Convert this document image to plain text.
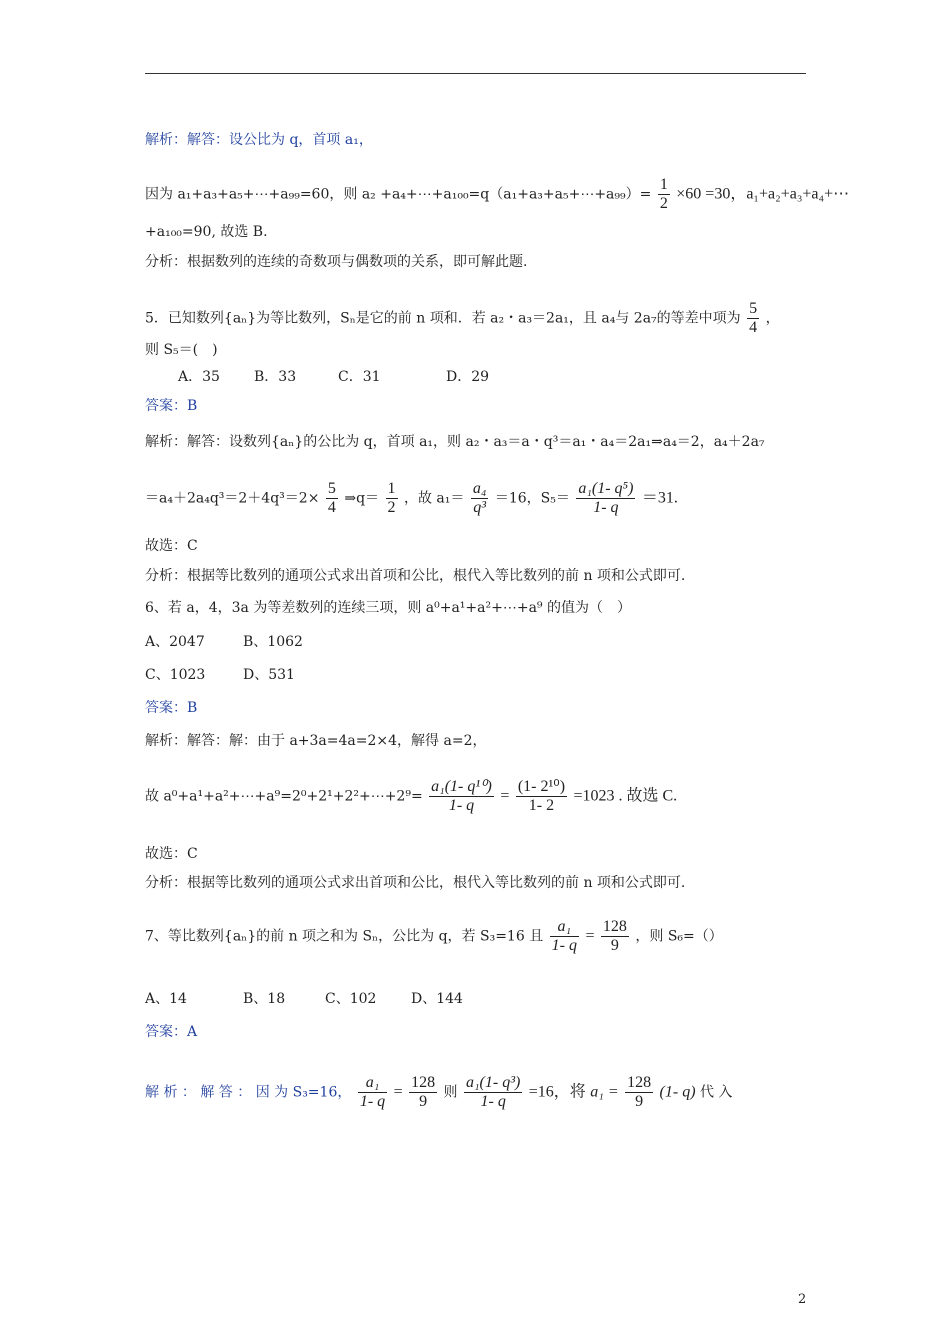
解析：解答：设公比为 q，首项 a₁，
因为 a₁+a₃+a₅+⋯+a₉₉=60，则 a₂ +a₄+⋯+a₁₀₀=q（a₁+a₃+a₅+⋯+a₉₉）= $\frac{1}{2} \times 60 =30$，a₁+a₂+a₃+a₄+⋯
+a₁₀₀=90, 故选 B.
分析：根据数列的连续的奇数项与偶数项的关系，即可解此题.
5．已知数列{aₙ}为等比数列，Sₙ是它的前 n 项和．若 a₂・a₃＝2a₁，且 a₄与 2a₇的等差中项为 $\frac{5}{4}$ ，
则 S₅＝(　)
A．35 B．33	C．31	D．29
答案：B
解析：解答：设数列{aₙ}的公比为 q，首项 a₁，则 a₂・a₃＝a・q³＝a₁・a₄＝2a₁⇒a₄＝2，a₄＋2a₇
$=a_4+2a_4q^3=2+4q^3=2\times \frac{5}{4}$ ⇒q＝ $\frac{1}{2}$ ，故 $a_1= \frac{\text{a₄}}{\text{q³}} =16$，$S_5= \frac{\text{a₁(1- q⁵)}}{1- q} =31$.
故选：C
分析：根据等比数列的通项公式求出首项和公比，根代入等比数列的前 n 项和公式即可.
6、若 a，4，3a 为等差数列的连续三项，则 a⁰+a¹+a²+⋯+a⁹ 的值为（　）
A、2047	B、1062
C、1023	D、531
答案：B
解析：解答：解：由于 a+3a=4a=2×4，解得 a=2，
故 a⁰+a¹+a²+⋯+a⁹=2⁰+2¹+2²+⋯+2⁹= $\frac{\text{a₁(1- q¹⁰)}}{1- q} = \frac{\text{(1- 2¹⁰)}}{1- 2} =1023$ . 故选 C.
故选：C
分析：根据等比数列的通项公式求出首项和公比，根代入等比数列的前 n 项和公式即可.
7、等比数列{aₙ}的前 n 项之和为 Sₙ，公比为 q，若 S₃=16 且 $\frac{\text{a₁}}{1- q} = \frac{128}{9}$ ，则 S₆=（）
A、14	B、18	C、102 D、144
答案：A
解 析 ： 解 答 ： 因 为 S₃=16， $\frac{\text{a₁}}{1- q} = \frac{128}{9}$ 则 $\frac{\text{a₁(1- q³)}}{1- q} =16$，将 $a_1 = \frac{128}{9} (1-$ q) 代 入
2
